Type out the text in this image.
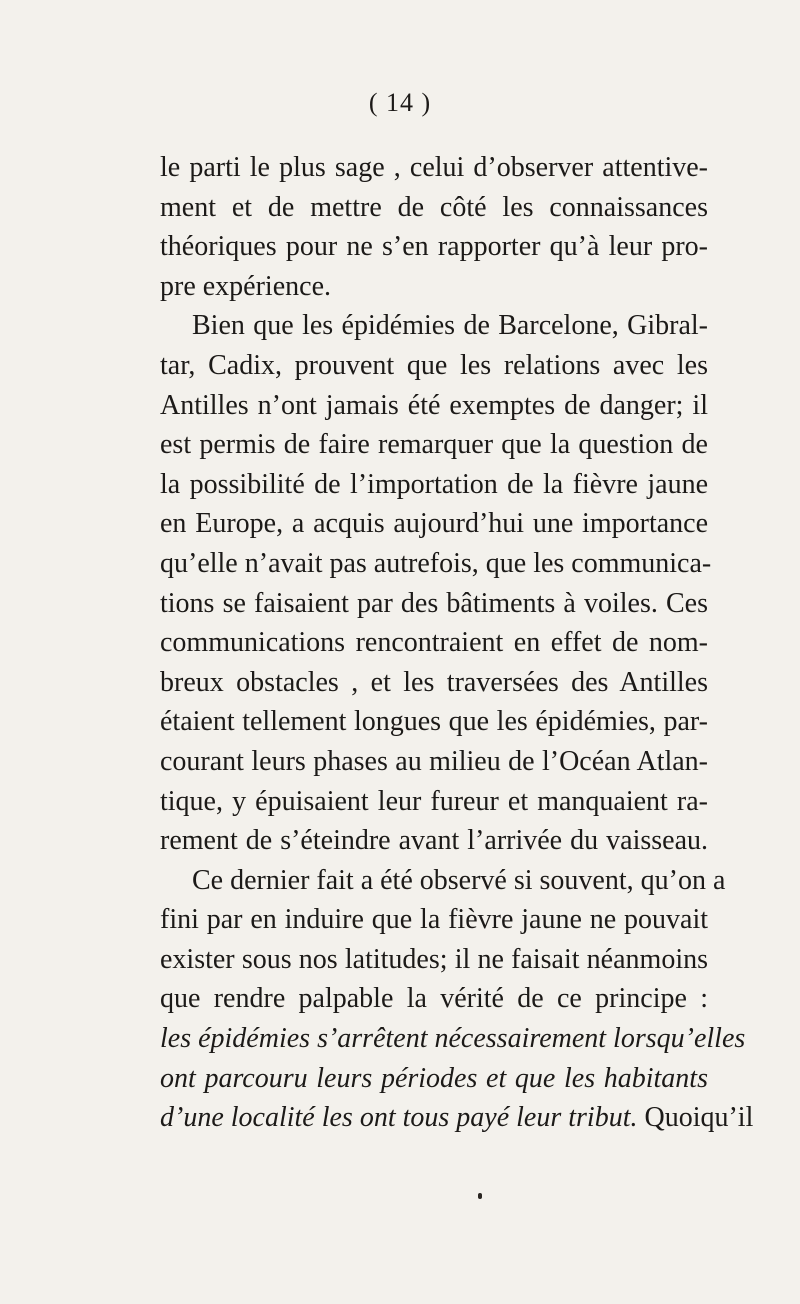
( 14 )
le parti le plus sage , celui d’observer attentive-
ment et de mettre de côté les connaissances
théoriques pour ne s’en rapporter qu’à leur pro-
pre expérience.
Bien que les épidémies de Barcelone, Gibral-
tar, Cadix, prouvent que les relations avec les
Antilles n’ont jamais été exemptes de danger; il
est permis de faire remarquer que la question de
la possibilité de l’importation de la fièvre jaune
en Europe, a acquis aujourd’hui une importance
qu’elle n’avait pas autrefois, que les communica-
tions se faisaient par des bâtiments à voiles. Ces
communications rencontraient en effet de nom-
breux obstacles , et les traversées des Antilles
étaient tellement longues que les épidémies, par-
courant leurs phases au milieu de l’Océan Atlan-
tique, y épuisaient leur fureur et manquaient ra-
rement de s’éteindre avant l’arrivée du vaisseau.
Ce dernier fait a été observé si souvent, qu’on a
fini par en induire que la fièvre jaune ne pouvait
exister sous nos latitudes; il ne faisait néanmoins
que rendre palpable la vérité de ce principe :
les épidémies s’arrêtent nécessairement lorsqu’elles
ont parcouru leurs périodes et que les habitants
d’une localité les ont tous payé leur tribut. Quoiqu’il
